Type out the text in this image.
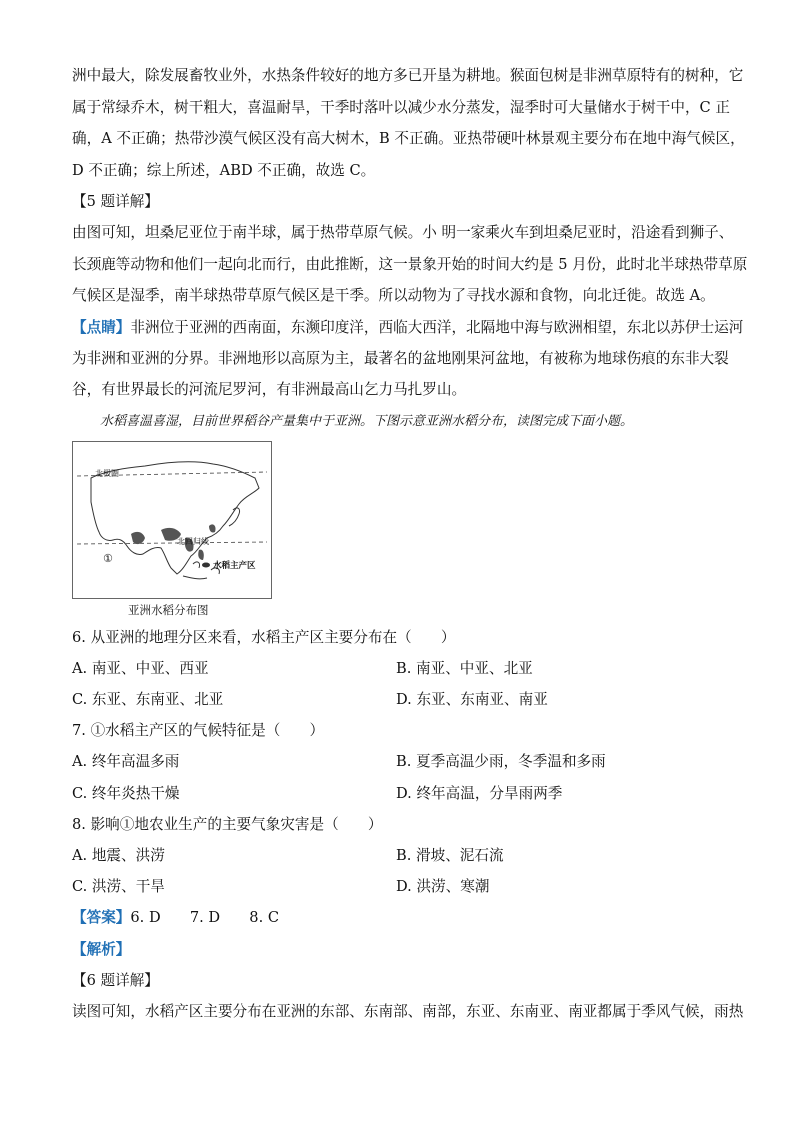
洲中最大，除发展畜牧业外，水热条件较好的地方多已开垦为耕地。猴面包树是非洲草原特有的树种，它
属于常绿乔木，树干粗大，喜温耐旱，干季时落叶以减少水分蒸发，湿季时可大量储水于树干中，C 正
确，A 不正确；热带沙漠气候区没有高大树木，B 不正确。亚热带硬叶林景观主要分布在地中海气候区，
D 不正确；综上所述，ABD 不正确，故选 C。
【5 题详解】
由图可知，坦桑尼亚位于南半球，属于热带草原气候。小 明一家乘火车到坦桑尼亚时，沿途看到狮子、
长颈鹿等动物和他们一起向北而行，由此推断，这一景象开始的时间大约是 5 月份，此时北半球热带草原
气候区是湿季，南半球热带草原气候区是干季。所以动物为了寻找水源和食物，向北迁徙。故选 A。
【点睛】非洲位于亚洲的西南面，东濒印度洋，西临大西洋，北隔地中海与欧洲相望，东北以苏伊士运河
为非洲和亚洲的分界。非洲地形以高原为主，最著名的盆地刚果河盆地，有被称为地球伤痕的东非大裂
谷，有世界最长的河流尼罗河，有非洲最高山乞力马扎罗山。
水稻喜温喜湿，目前世界稻谷产量集中于亚洲。下图示意亚洲水稻分布，读图完成下面小题。
北极圈
北回归线
①
水稻主产区
亚洲水稻分布图
6. 从亚洲的地理分区来看，水稻主产区主要分布在（　　）
A. 南亚、中亚、西亚	B. 南亚、中亚、北亚
C. 东亚、东南亚、北亚	D. 东亚、东南亚、南亚
7. ①水稻主产区的气候特征是（　　）
A. 终年高温多雨	B. 夏季高温少雨，冬季温和多雨
C. 终年炎热干燥	D. 终年高温，分旱雨两季
8. 影响①地农业生产的主要气象灾害是（　　）
A. 地震、洪涝	B. 滑坡、泥石流
C. 洪涝、干旱	D. 洪涝、寒潮
【答案】6. D　　7. D　　8. C
【解析】
【6 题详解】
读图可知，水稻产区主要分布在亚洲的东部、东南部、南部，东亚、东南亚、南亚都属于季风气候，雨热
